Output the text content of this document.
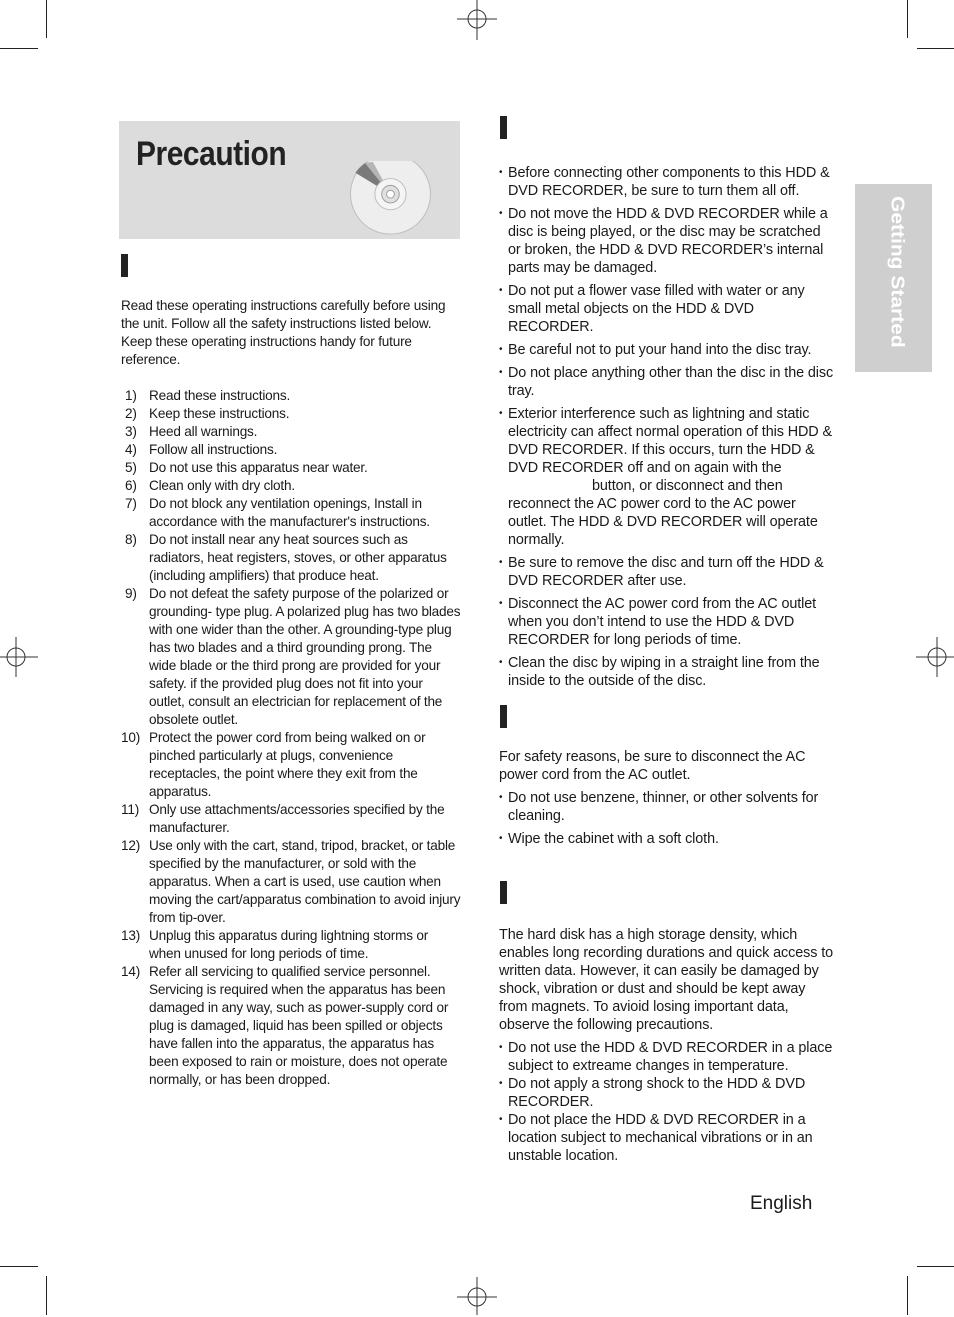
Precaution
Getting Started

Read these operating instructions carefully before using the unit. Follow all the safety instructions listed below. Keep these operating instructions handy for future reference.

1) Read these instructions.
2) Keep these instructions.
3) Heed all warnings.
4) Follow all instructions.
5) Do not use this apparatus near water.
6) Clean only with dry cloth.
7) Do not block any ventilation openings, Install in accordance with the manufacturer's instructions.
8) Do not install near any heat sources such as radiators, heat registers, stoves, or other apparatus (including amplifiers) that produce heat.
9) Do not defeat the safety purpose of the polarized or grounding- type plug. A polarized plug has two blades with one wider than the other. A grounding-type plug has two blades and a third grounding prong. The wide blade or the third prong are provided for your safety. if the provided plug does not fit into your outlet, consult an electrician for replacement of the obsolete outlet.
10) Protect the power cord from being walked on or pinched particularly at plugs, convenience receptacles, the point where they exit from the apparatus.
11) Only use attachments/accessories specified by the manufacturer.
12) Use only with the cart, stand, tripod, bracket, or table specified by the manufacturer, or sold with the apparatus. When a cart is used, use caution when moving the cart/apparatus combination to avoid injury from tip-over.
13) Unplug this apparatus during lightning storms or when unused for long periods of time.
14) Refer all servicing to qualified service personnel. Servicing is required when the apparatus has been damaged in any way, such as power-supply cord or plug is damaged, liquid has been spilled or objects have fallen into the apparatus, the apparatus has been exposed to rain or moisture, does not operate normally, or has been dropped.
• Before connecting other components to this HDD & DVD RECORDER, be sure to turn them all off.
• Do not move the HDD & DVD RECORDER while a disc is being played, or the disc may be scratched or broken, the HDD & DVD RECORDER’s internal parts may be damaged.
• Do not put a flower vase filled with water or any small metal objects on the HDD & DVD RECORDER.
• Be careful not to put your hand into the disc tray.
• Do not place anything other than the disc in the disc tray.
• Exterior interference such as lightning and static electricity can affect normal operation of this HDD & DVD RECORDER. If this occurs, turn the HDD & DVD RECORDER off and on again with the
button, or disconnect and then reconnect the AC power cord to the AC power outlet. The HDD & DVD RECORDER will operate normally.
• Be sure to remove the disc and turn off the HDD & DVD RECORDER after use.
• Disconnect the AC power cord from the AC outlet when you don’t intend to use the HDD & DVD RECORDER for long periods of time.
• Clean the disc by wiping in a straight line from the inside to the outside of the disc.

For safety reasons, be sure to disconnect the AC power cord from the AC outlet.

• Do not use benzene, thinner, or other solvents for cleaning.
• Wipe the cabinet with a soft cloth.

The hard disk has a high storage density, which enables long recording durations and quick access to written data. However, it can easily be damaged by shock, vibration or dust and should be kept away from magnets. To avioid losing important data, observe the following precautions.

• Do not use the HDD & DVD RECORDER in a place subject to extreame changes in temperature.
• Do not apply a strong shock to the HDD & DVD RECORDER.
• Do not place the HDD & DVD RECORDER in a location subject to mechanical vibrations or in an unstable location.
English
